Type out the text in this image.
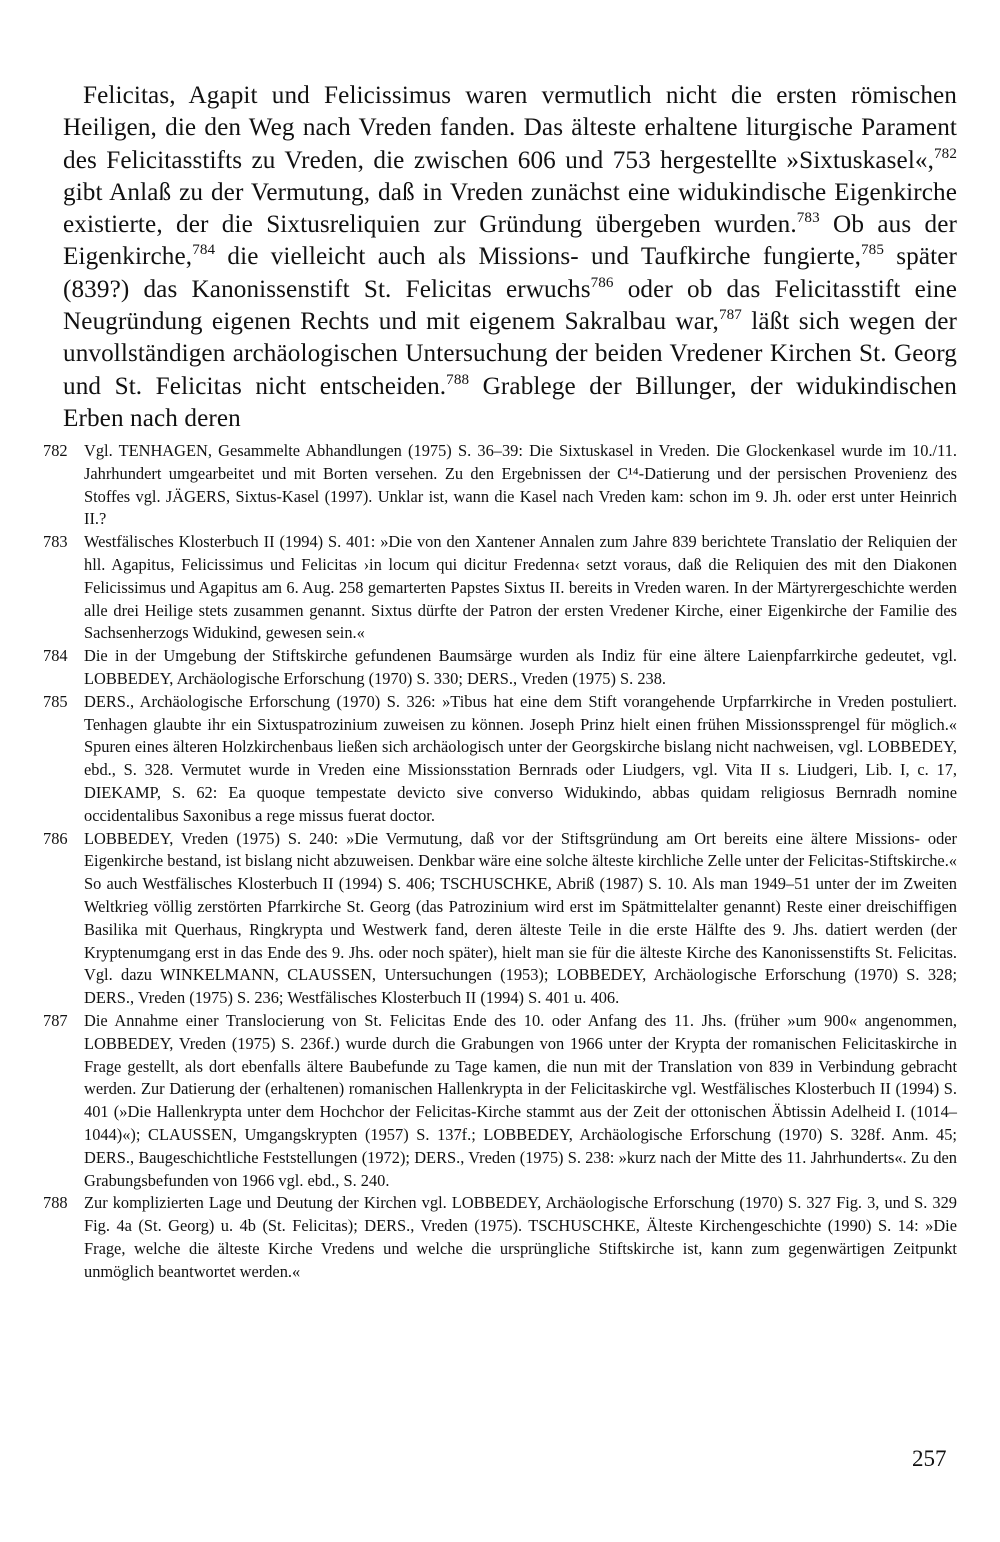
Felicitas, Agapit und Felicissimus waren vermutlich nicht die ersten römischen Heiligen, die den Weg nach Vreden fanden. Das älteste erhaltene liturgische Parament des Felicitasstifts zu Vreden, die zwischen 606 und 753 hergestellte »Sixtuskasel«,$^{782}$ gibt Anlaß zu der Vermutung, daß in Vreden zunächst eine widukindische Eigenkirche existierte, der die Sixtusreliquien zur Gründung übergeben wurden.$^{783}$ Ob aus der Eigenkirche,$^{784}$ die vielleicht auch als Missions- und Taufkirche fungierte,$^{785}$ später (839?) das Kanonissenstift St. Felicitas erwuchs$^{786}$ oder ob das Felicitasstift eine Neugründung eigenen Rechts und mit eigenem Sakralbau war,$^{787}$ läßt sich wegen der unvollständigen archäologischen Untersuchung der beiden Vredener Kirchen St. Georg und St. Felicitas nicht entscheiden.$^{788}$ Grablege der Billunger, der widukindischen Erben nach deren

782 Vgl. TENHAGEN, Gesammelte Abhandlungen (1975) S. 36–39: Die Sixtuskasel in Vreden. Die Glockenkasel wurde im 10./11. Jahrhundert umgearbeitet und mit Borten versehen. Zu den Ergebnissen der C¹⁴-Datierung und der persischen Provenienz des Stoffes vgl. JÄGERS, Sixtus-Kasel (1997). Unklar ist, wann die Kasel nach Vreden kam: schon im 9. Jh. oder erst unter Heinrich II.?
783 Westfälisches Klosterbuch II (1994) S. 401: »Die von den Xantener Annalen zum Jahre 839 berichtete Translatio der Reliquien der hll. Agapitus, Felicissimus und Felicitas ›in locum qui dicitur Fredenna‹ setzt voraus, daß die Reliquien des mit den Diakonen Felicissimus und Agapitus am 6. Aug. 258 gemarterten Papstes Sixtus II. bereits in Vreden waren. In der Märtyrergeschichte werden alle drei Heilige stets zusammen genannt. Sixtus dürfte der Patron der ersten Vredener Kirche, einer Eigenkirche der Familie des Sachsenherzogs Widukind, gewesen sein.«
784 Die in der Umgebung der Stiftskirche gefundenen Baumsärge wurden als Indiz für eine ältere Laienpfarrkirche gedeutet, vgl. LOBBEDEY, Archäologische Erforschung (1970) S. 330; DERS., Vreden (1975) S. 238.
785 DERS., Archäologische Erforschung (1970) S. 326: »Tibus hat eine dem Stift vorangehende Urpfarrkirche in Vreden postuliert. Tenhagen glaubte ihr ein Sixtuspatrozinium zuweisen zu können. Joseph Prinz hielt einen frühen Missionssprengel für möglich.« Spuren eines älteren Holzkirchenbaus ließen sich archäologisch unter der Georgskirche bislang nicht nachweisen, vgl. LOBBEDEY, ebd., S. 328. Vermutet wurde in Vreden eine Missionsstation Bernrads oder Liudgers, vgl. Vita II s. Liudgeri, Lib. I, c. 17, DIEKAMP, S. 62: Ea quoque tempestate devicto sive converso Widukindo, abbas quidam religiosus Bernradh nomine occidentalibus Saxonibus a rege missus fuerat doctor.
786 LOBBEDEY, Vreden (1975) S. 240: »Die Vermutung, daß vor der Stiftsgründung am Ort bereits eine ältere Missions- oder Eigenkirche bestand, ist bislang nicht abzuweisen. Denkbar wäre eine solche älteste kirchliche Zelle unter der Felicitas-Stiftskirche.« So auch Westfälisches Klosterbuch II (1994) S. 406; TSCHUSCHKE, Abriß (1987) S. 10. Als man 1949–51 unter der im Zweiten Weltkrieg völlig zerstörten Pfarrkirche St. Georg (das Patrozinium wird erst im Spätmittelalter genannt) Reste einer dreischiffigen Basilika mit Querhaus, Ringkrypta und Westwerk fand, deren älteste Teile in die erste Hälfte des 9. Jhs. datiert werden (der Kryptenumgang erst in das Ende des 9. Jhs. oder noch später), hielt man sie für die älteste Kirche des Kanonissenstifts St. Felicitas. Vgl. dazu WINKELMANN, CLAUSSEN, Untersuchungen (1953); LOBBEDEY, Archäologische Erforschung (1970) S. 328; DERS., Vreden (1975) S. 236; Westfälisches Klosterbuch II (1994) S. 401 u. 406.
787 Die Annahme einer Translocierung von St. Felicitas Ende des 10. oder Anfang des 11. Jhs. (früher »um 900« angenommen, LOBBEDEY, Vreden (1975) S. 236f.) wurde durch die Grabungen von 1966 unter der Krypta der romanischen Felicitaskirche in Frage gestellt, als dort ebenfalls ältere Baubefunde zu Tage kamen, die nun mit der Translation von 839 in Verbindung gebracht werden. Zur Datierung der (erhaltenen) romanischen Hallenkrypta in der Felicitaskirche vgl. Westfälisches Klosterbuch II (1994) S. 401 (»Die Hallenkrypta unter dem Hochchor der Felicitas-Kirche stammt aus der Zeit der ottonischen Äbtissin Adelheid I. (1014–1044)«); CLAUSSEN, Umgangskrypten (1957) S. 137f.; LOBBEDEY, Archäologische Erforschung (1970) S. 328f. Anm. 45; DERS., Baugeschichtliche Feststellungen (1972); DERS., Vreden (1975) S. 238: »kurz nach der Mitte des 11. Jahrhunderts«. Zu den Grabungsbefunden von 1966 vgl. ebd., S. 240.
788 Zur komplizierten Lage und Deutung der Kirchen vgl. LOBBEDEY, Archäologische Erforschung (1970) S. 327 Fig. 3, und S. 329 Fig. 4a (St. Georg) u. 4b (St. Felicitas); DERS., Vreden (1975). TSCHUSCHKE, Älteste Kirchengeschichte (1990) S. 14: »Die Frage, welche die älteste Kirche Vredens und welche die ursprüngliche Stiftskirche ist, kann zum gegenwärtigen Zeitpunkt unmöglich beantwortet werden.«
257
